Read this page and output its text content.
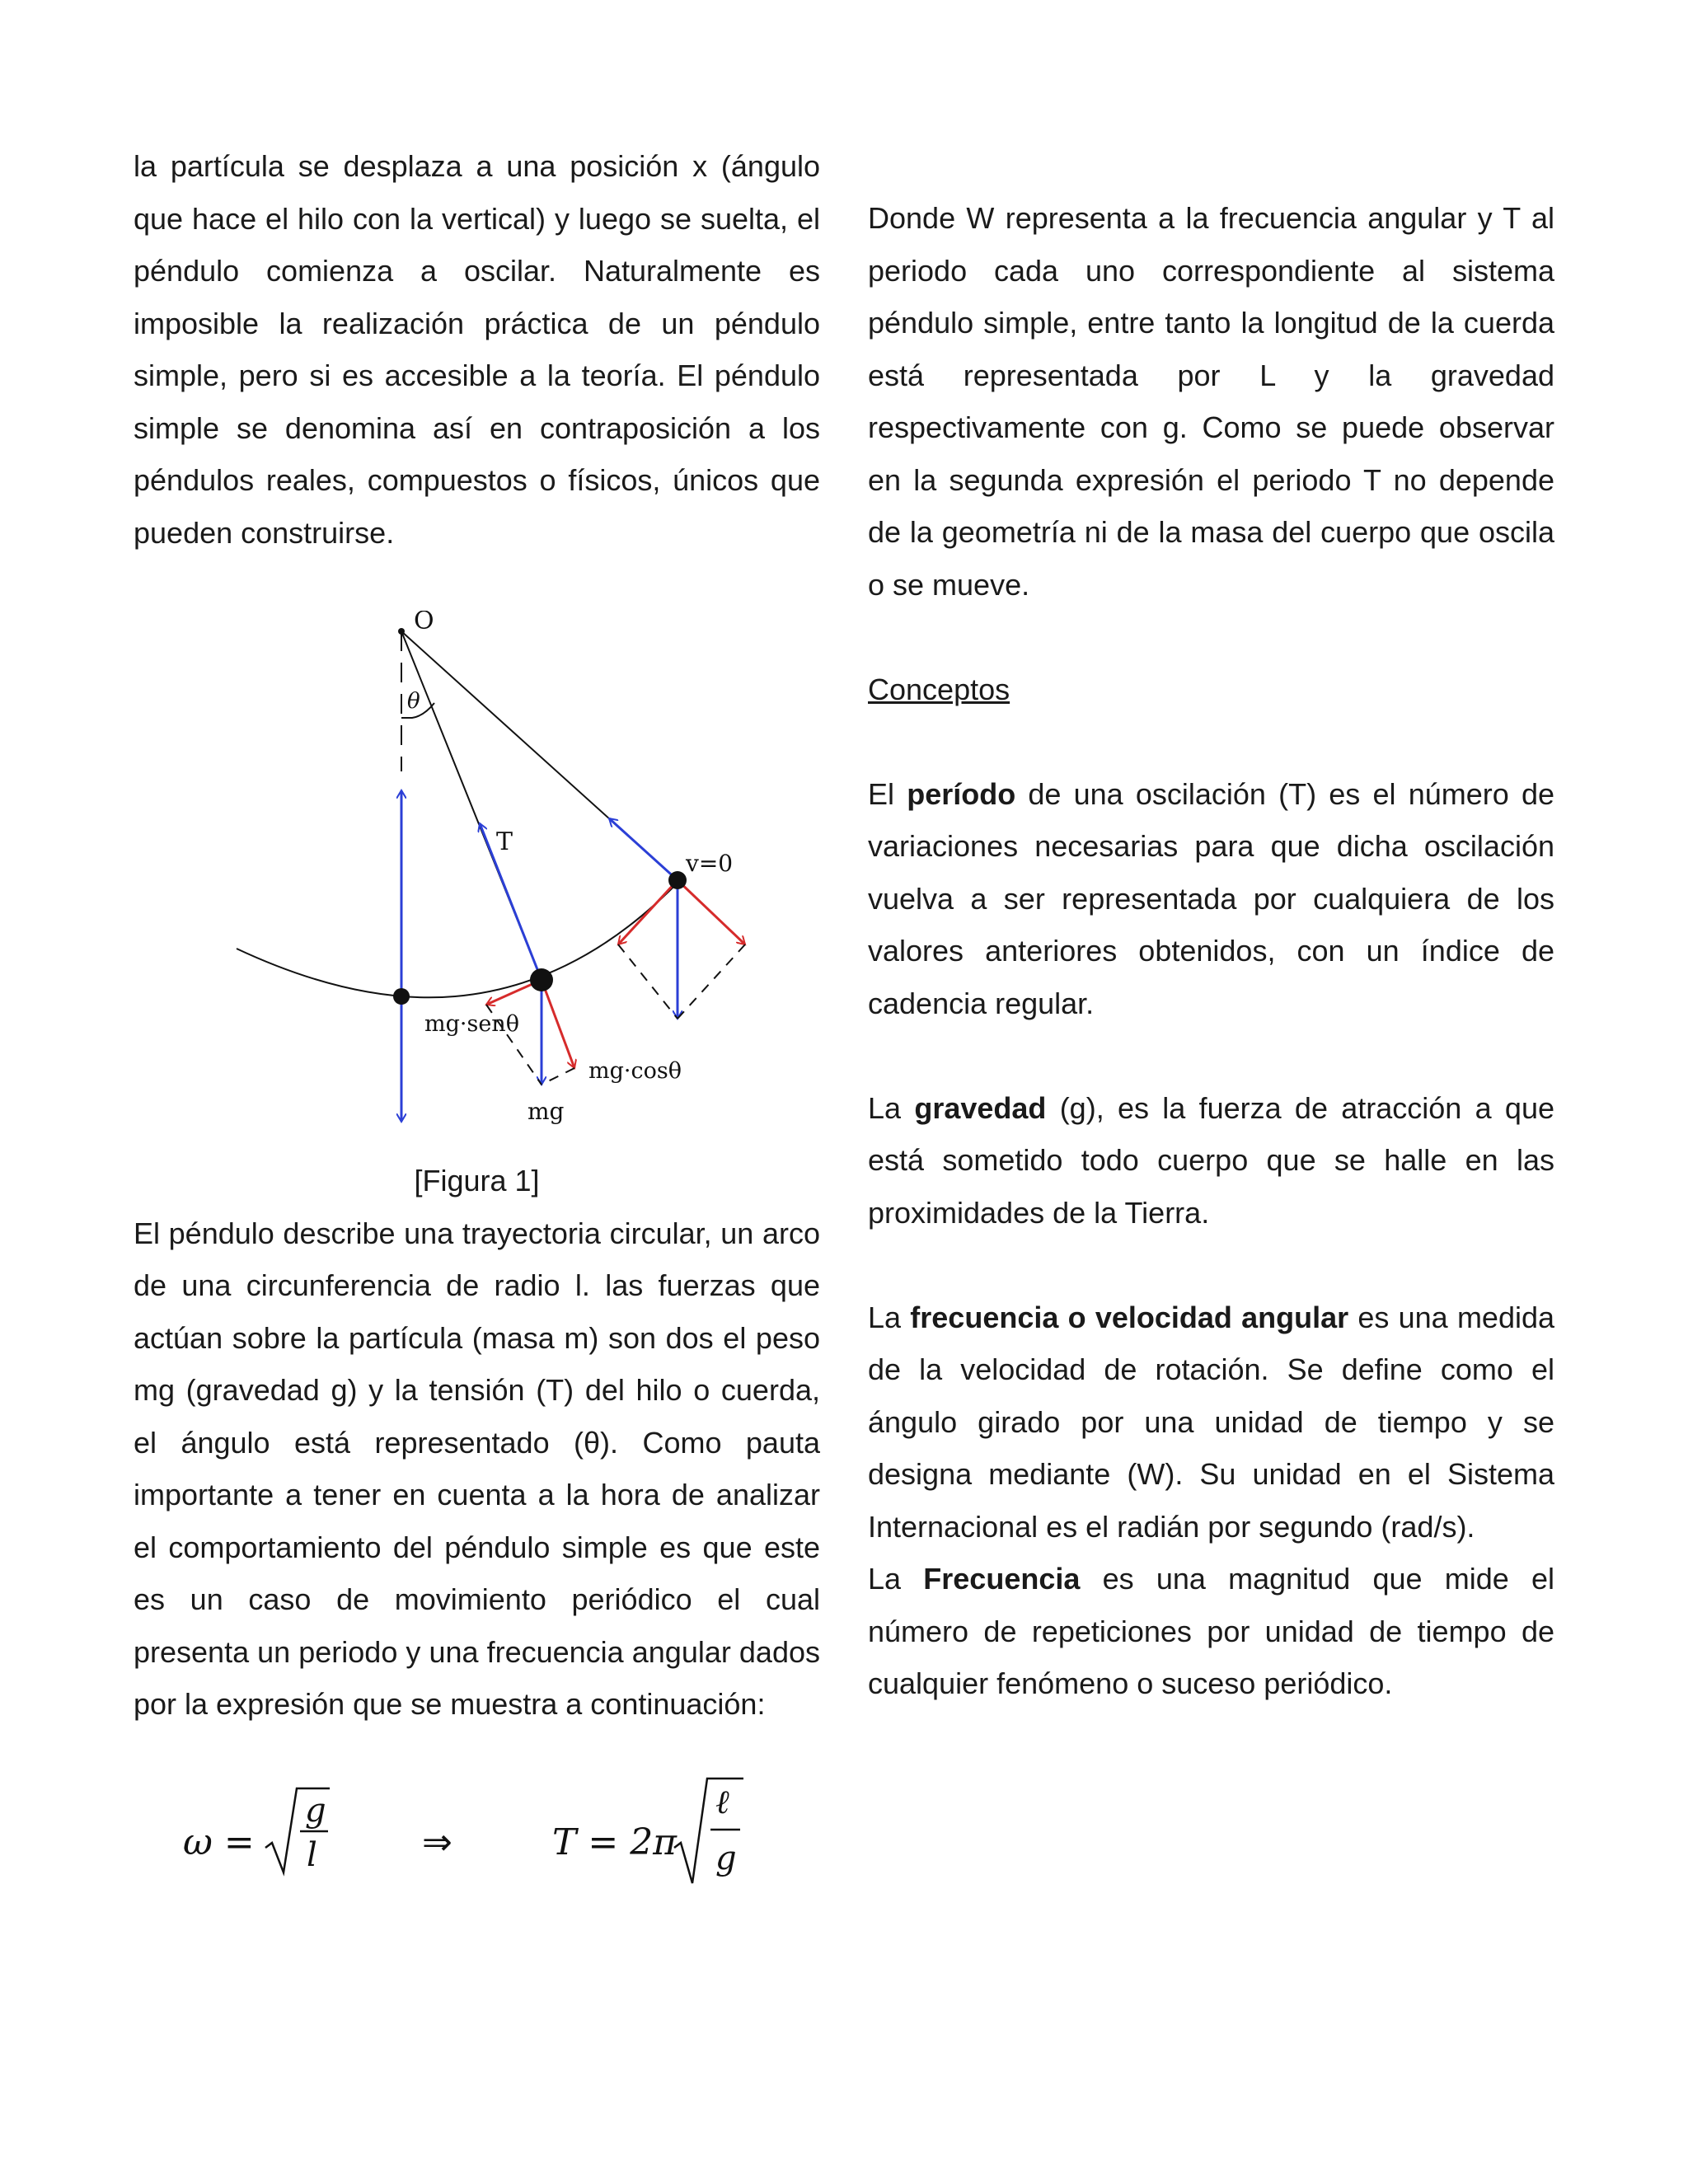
la partícula se desplaza a una posición x (ángulo que hace el hilo con la vertical) y luego se suelta, el péndulo comienza a oscilar. Naturalmente es imposible la realización práctica de un péndulo simple, pero si es accesible a la teoría. El péndulo simple se denomina así en contraposición a los péndulos reales, compuestos o físicos, únicos que pueden construirse.

O
θ
T
v=0
mg·senθ
mg·cosθ
mg

[Figura 1]

El péndulo describe una trayectoria circular, un arco de una circunferencia de radio l. las fuerzas que actúan sobre la partícula (masa m) son dos el peso mg (gravedad g) y la tensión (T) del hilo o cuerda, el ángulo está representado (θ). Como pauta importante a tener en cuenta a la hora de analizar el comportamiento del péndulo simple es que este es un caso de movimiento periódico el cual presenta un periodo y una frecuencia angular dados por la expresión que se muestra a continuación:

ω =
g
l	⇒	T = 2π
ℓ
g

Donde W representa a la frecuencia angular y T al periodo cada uno correspondiente al sistema péndulo simple, entre tanto la longitud de la cuerda está representada por L y la gravedad respectivamente con g. Como se puede observar en la segunda expresión el periodo T no depende de la geometría ni de la masa del cuerpo que oscila o se mueve.

Conceptos

El período de una oscilación (T) es el número de variaciones necesarias para que dicha oscilación vuelva a ser representada por cualquiera de los valores anteriores obtenidos, con un índice de cadencia regular.

La gravedad (g), es la fuerza de atracción a que está sometido todo cuerpo que se halle en las proximidades de la Tierra.

La frecuencia o velocidad angular es una medida de la velocidad de rotación. Se define como el ángulo girado por una unidad de tiempo y se designa mediante (W). Su unidad en el Sistema Internacional es el radián por segundo (rad/s).

La Frecuencia es una magnitud que mide el número de repeticiones por unidad de tiempo de cualquier fenómeno o suceso periódico.
